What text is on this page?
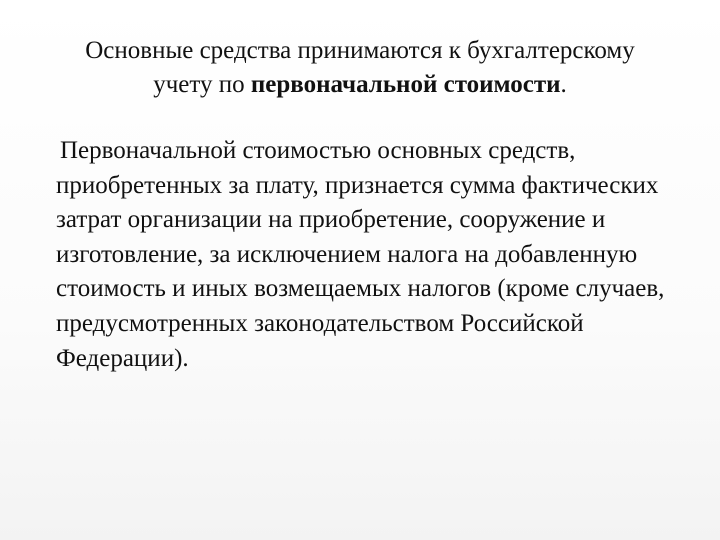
Основные средства принимаются к бухгалтерскому
учету по первоначальной стоимости.

Первоначальной стоимостью основных средств, приобретенных за плату, признается сумма фактических затрат организации на приобретение, сооружение и изготовление, за исключением налога на добавленную стоимость и иных возмещаемых налогов (кроме случаев, предусмотренных законодательством Российской Федерации).
